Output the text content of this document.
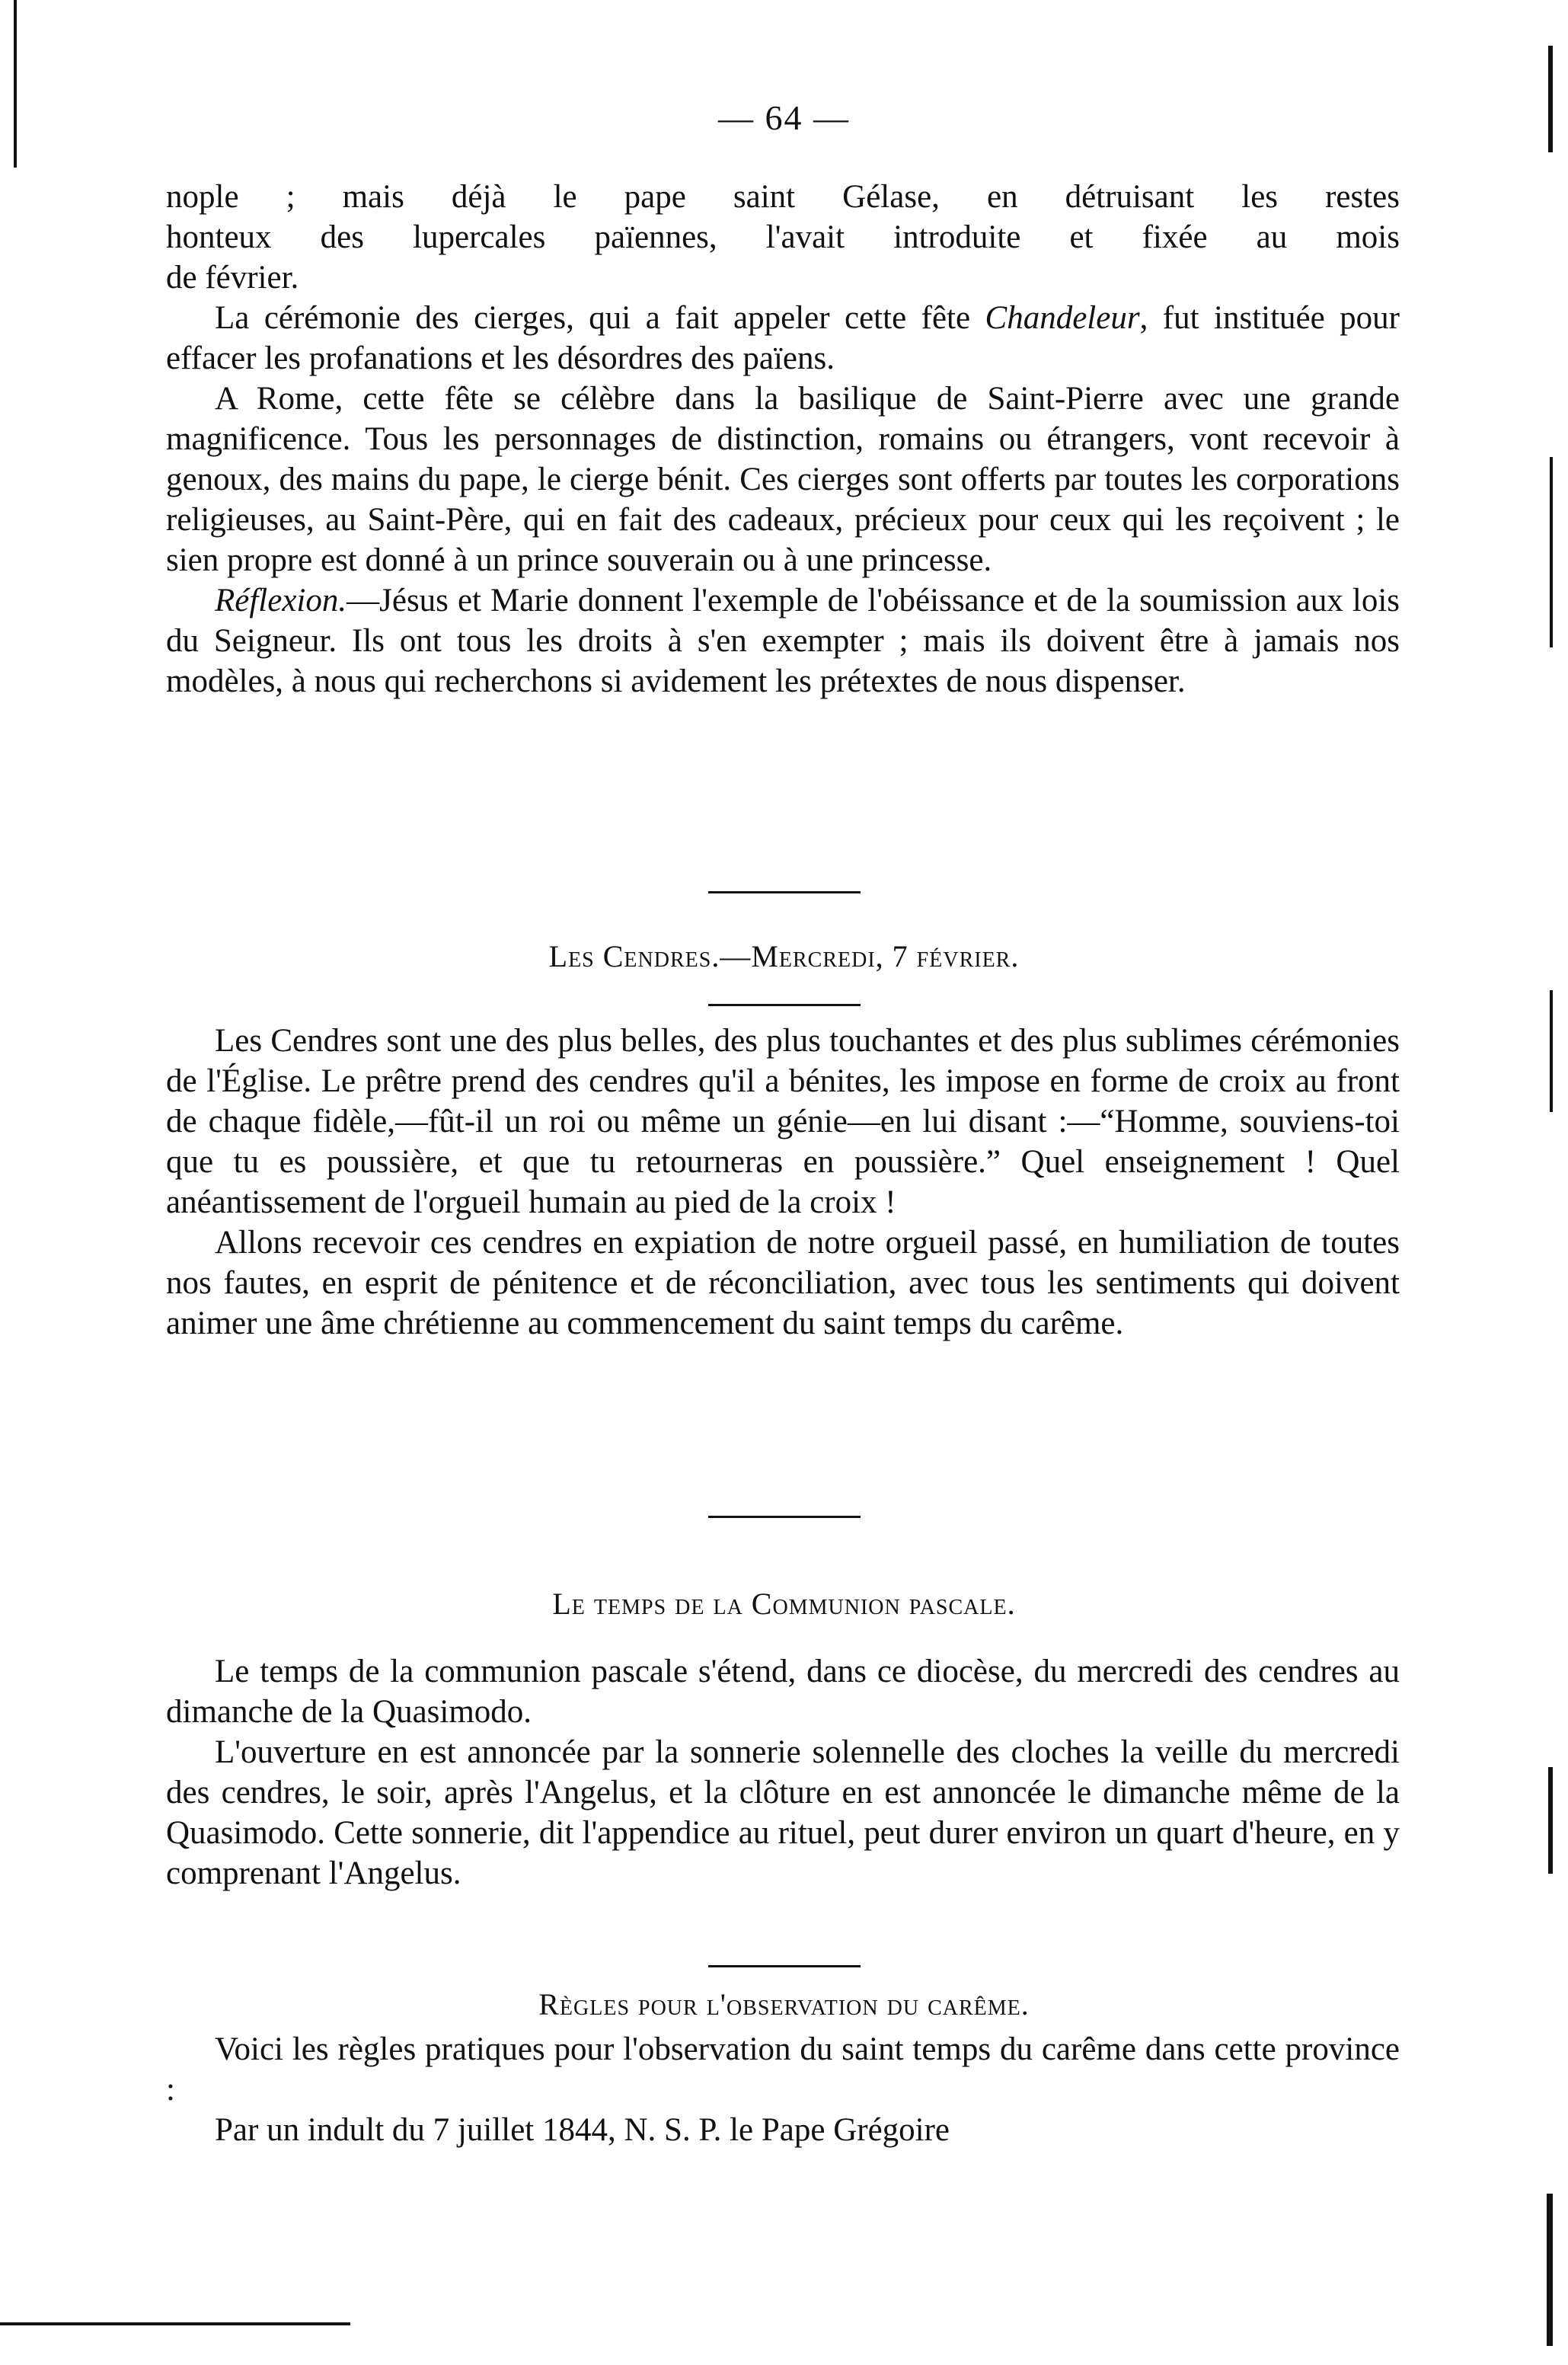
— 64 —

nople ; mais déjà le pape saint Gélase, en détruisant les restes

honteux des lupercales païennes, l'avait introduite et fixée au mois

de février.

La cérémonie des cierges, qui a fait appeler cette fête Chandeleur, fut instituée pour effacer les profanations et les désordres des païens.

A Rome, cette fête se célèbre dans la basilique de Saint-Pierre avec une grande magnificence. Tous les personnages de distinction, romains ou étrangers, vont recevoir à genoux, des mains du pape, le cierge bénit. Ces cierges sont offerts par toutes les corporations religieuses, au Saint-Père, qui en fait des cadeaux, précieux pour ceux qui les reçoivent ; le sien propre est donné à un prince souverain ou à une princesse.

Réflexion.—Jésus et Marie donnent l'exemple de l'obéissance et de la soumission aux lois du Seigneur. Ils ont tous les droits à s'en exempter ; mais ils doivent être à jamais nos modèles, à nous qui recherchons si avidement les prétextes de nous dispenser.

Les Cendres.—Mercredi, 7 février.

Les Cendres sont une des plus belles, des plus touchantes et des plus sublimes cérémonies de l'Église. Le prêtre prend des cendres qu'il a bénites, les impose en forme de croix au front de chaque fidèle,—fût-il un roi ou même un génie—en lui disant :—“Homme, souviens-toi que tu es poussière, et que tu retourneras en poussière.” Quel enseignement ! Quel anéantissement de l'orgueil humain au pied de la croix !

Allons recevoir ces cendres en expiation de notre orgueil passé, en humiliation de toutes nos fautes, en esprit de pénitence et de réconciliation, avec tous les sentiments qui doivent animer une âme chrétienne au commencement du saint temps du carême.

Le temps de la Communion pascale.

Le temps de la communion pascale s'étend, dans ce diocèse, du mercredi des cendres au dimanche de la Quasimodo.

L'ouverture en est annoncée par la sonnerie solennelle des cloches la veille du mercredi des cendres, le soir, après l'Angelus, et la clôture en est annoncée le dimanche même de la Quasimodo. Cette sonnerie, dit l'appendice au rituel, peut durer environ un quart d'heure, en y comprenant l'Angelus.

Règles pour l'observation du carême.

Voici les règles pratiques pour l'observation du saint temps du carême dans cette province :

Par un indult du 7 juillet 1844, N. S. P. le Pape Grégoire
